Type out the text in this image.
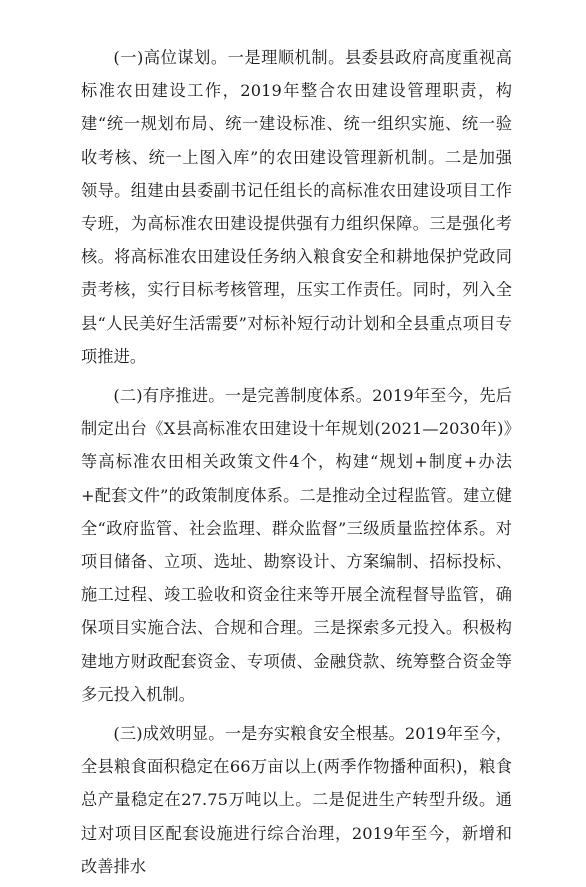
(一)高位谋划。一是理顺机制。县委县政府高度重视高标准农田建设工作，2019年整合农田建设管理职责，构建“统一规划布局、统一建设标准、统一组织实施、统一验收考核、统一上图入库”的农田建设管理新机制。二是加强领导。组建由县委副书记任组长的高标准农田建设项目工作专班，为高标准农田建设提供强有力组织保障。三是强化考核。将高标准农田建设任务纳入粮食安全和耕地保护党政同责考核，实行目标考核管理，压实工作责任。同时，列入全县“人民美好生活需要”对标补短行动计划和全县重点项目专项推进。

(二)有序推进。一是完善制度体系。2019年至今，先后制定出台《X县高标准农田建设十年规划(2021—2030年)》等高标准农田相关政策文件4个，构建“规划+制度+办法+配套文件”的政策制度体系。二是推动全过程监管。建立健全“政府监管、社会监理、群众监督”三级质量监控体系。对项目储备、立项、选址、勘察设计、方案编制、招标投标、施工过程、竣工验收和资金往来等开展全流程督导监管，确保项目实施合法、合规和合理。三是探索多元投入。积极构建地方财政配套资金、专项债、金融贷款、统筹整合资金等多元投入机制。

(三)成效明显。一是夯实粮食安全根基。2019年至今，全县粮食面积稳定在66万亩以上(两季作物播种面积)，粮食总产量稳定在27.75万吨以上。二是促进生产转型升级。通过对项目区配套设施进行综合治理，2019年至今，新增和改善排水
